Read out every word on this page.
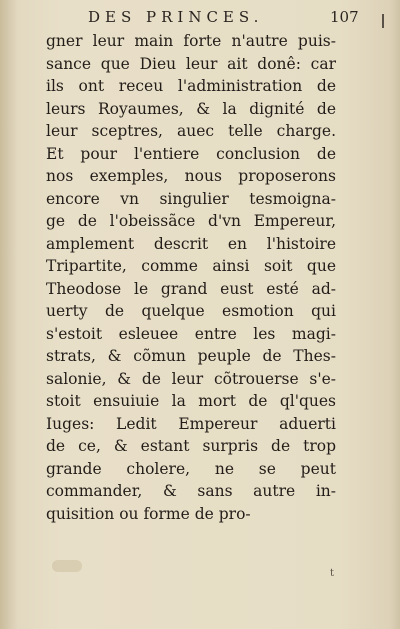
DES PRINCES.	107
gner leur main forte n'autre puis-
sance que Dieu leur ait donê: car
ils ont receu l'administration de
leurs Royaumes, & la dignité de
leur sceptres, auec telle charge.
Et pour l'entiere conclusion de
nos exemples, nous proposerons
encore vn singulier tesmoigna-
ge de l'obeissãce d'vn Empereur,
amplement descrit en l'histoire
Tripartite, comme ainsi soit que
Theodose le grand eust esté ad-
uerty de quelque esmotion qui
s'estoit esleuee entre les magi-
strats, & cõmun peuple de Thes-
salonie, & de leur cõtrouerse s'e-
stoit ensuiuie la mort de ql'ques
Iuges: Ledit Empereur aduerti
de ce, & estant surpris de trop
grande cholere, ne se peut
commander, & sans autre in-
quisition ou forme de pro-
t
